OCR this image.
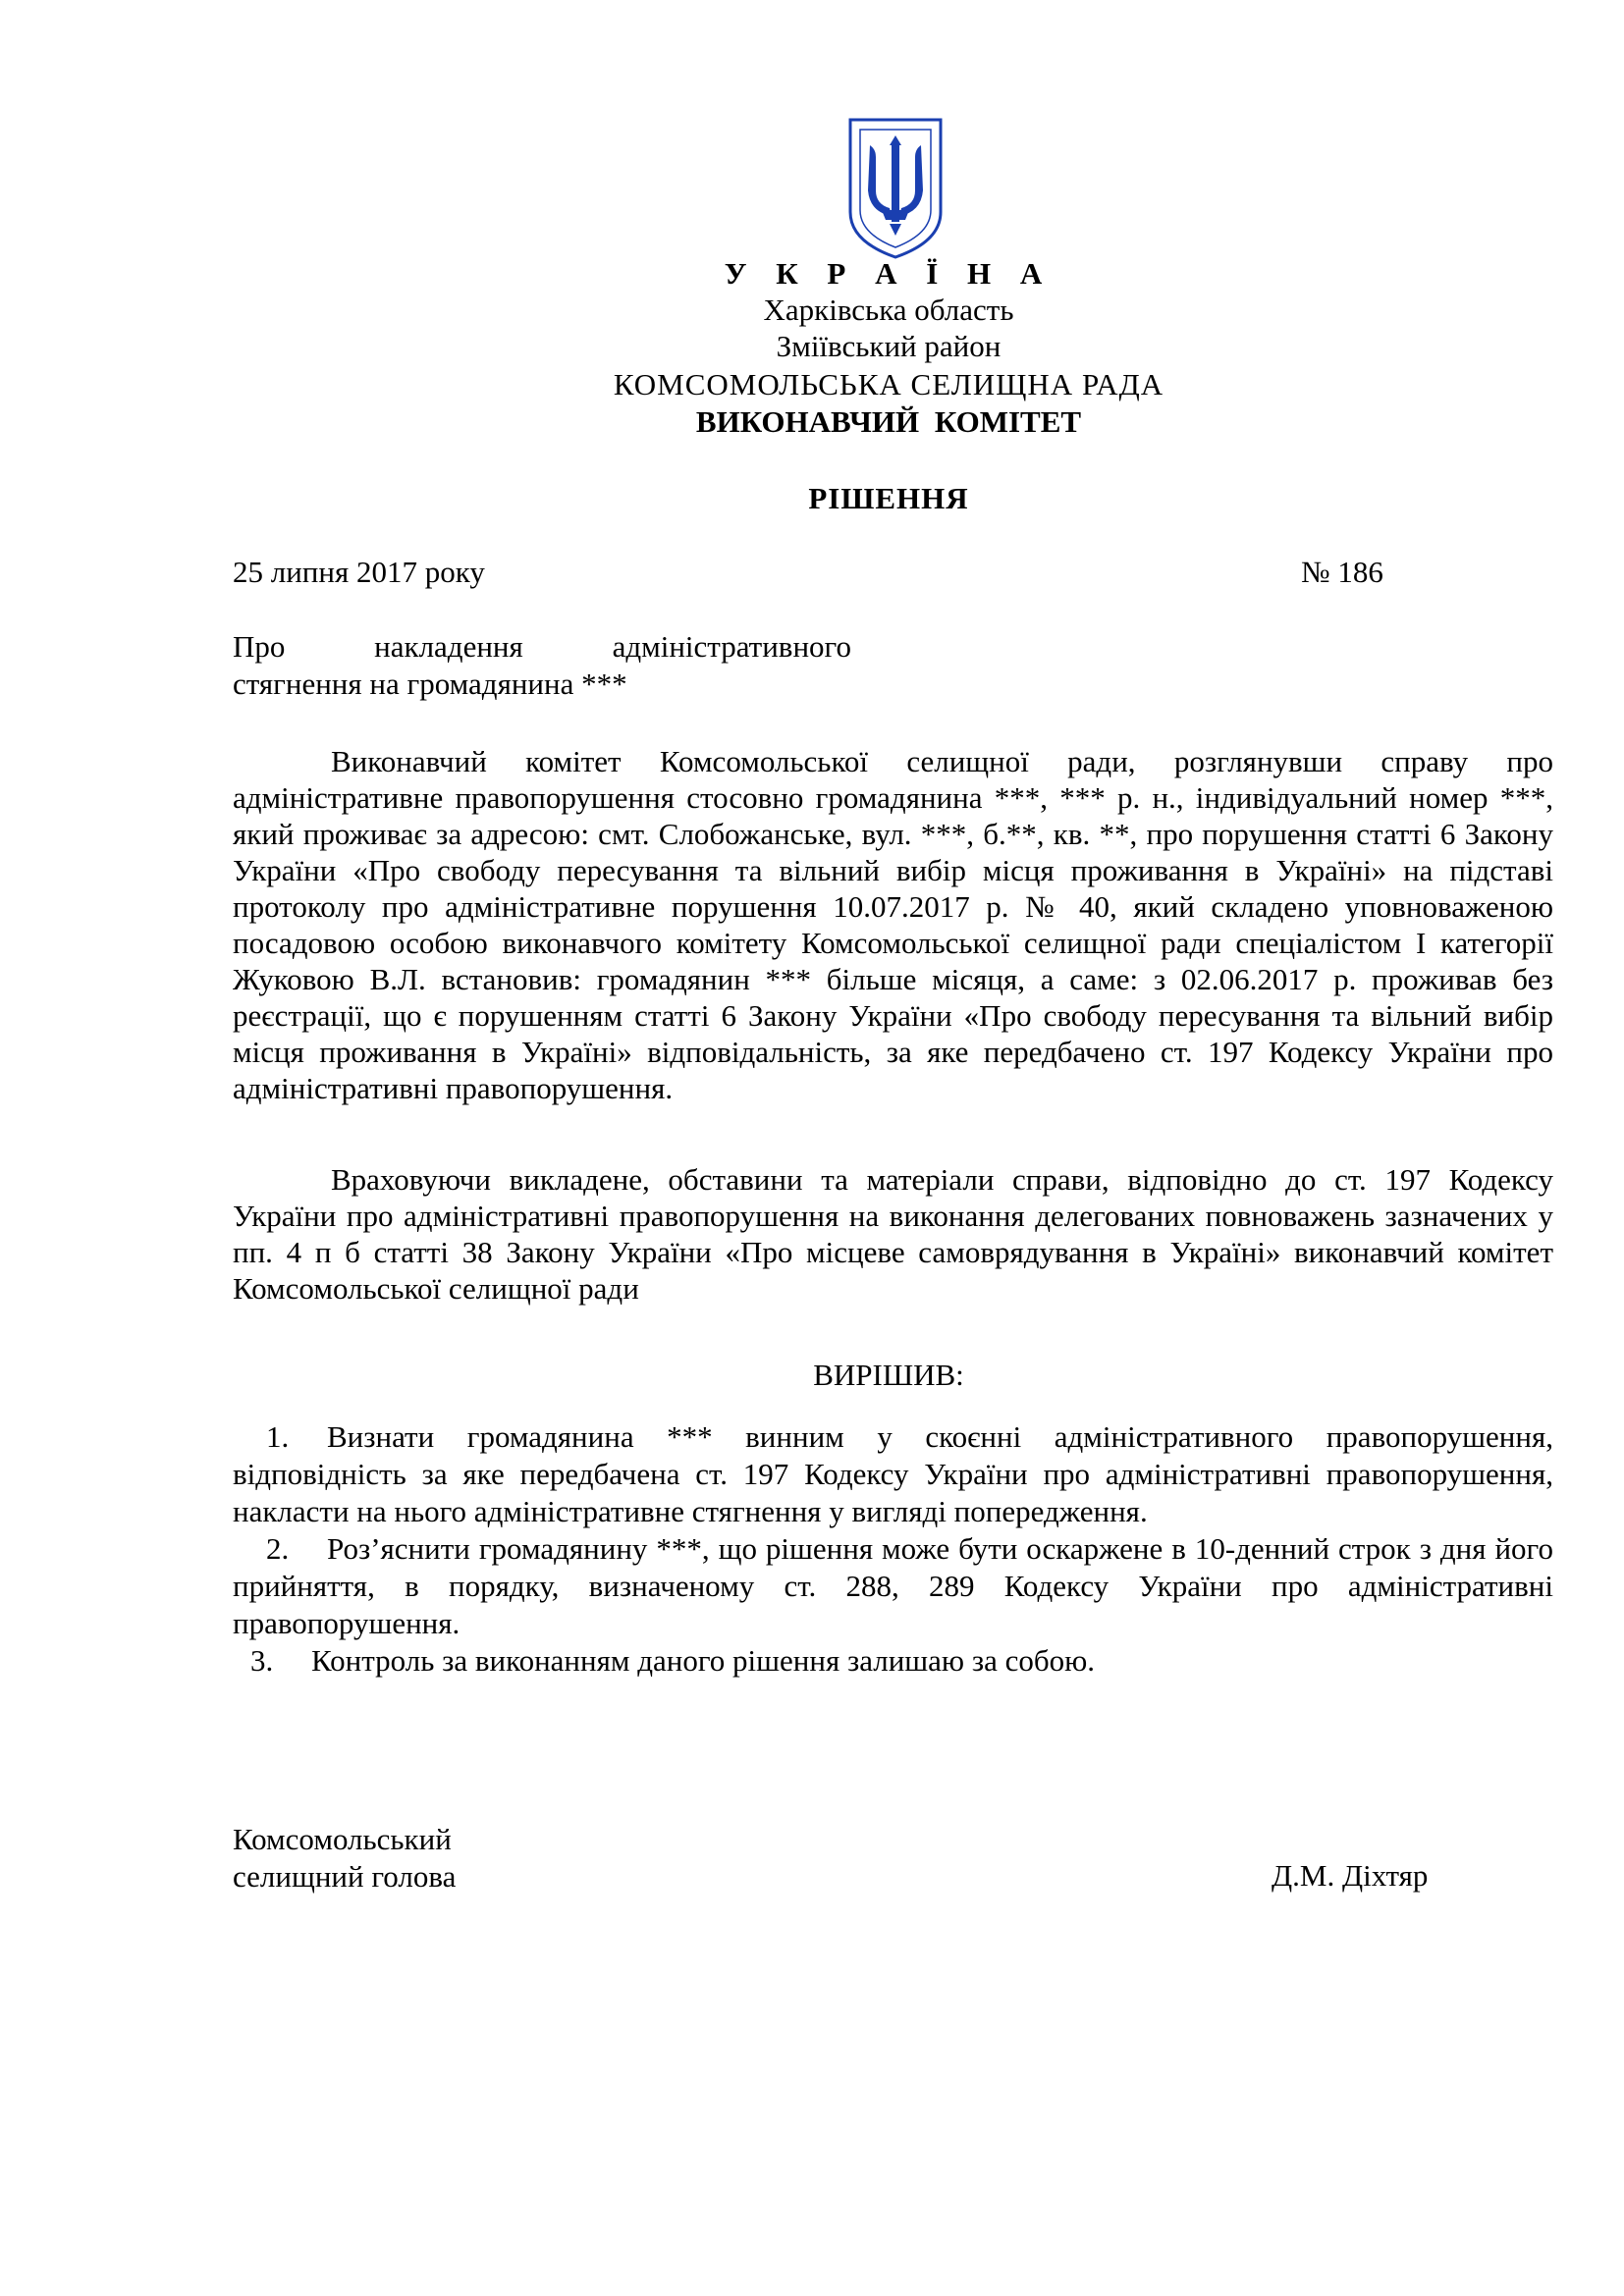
У К Р А Ї Н А
Харківська область
Зміївський район
КОМСОМОЛЬСЬКА СЕЛИЩНА РАДА
ВИКОНАВЧИЙ КОМІТЕТ
РІШЕННЯ
25 липня 2017 року	№ 186
Про	накладення	адміністративного
стягнення на громадянина ***

Виконавчий комітет Комсомольської селищної ради, розглянувши справу про адміністративне правопорушення стосовно громадянина ***, *** р. н., індивідуальний номер ***, який проживає за адресою: смт. Слобожанське, вул. ***, б.**, кв. **, про порушення статті 6 Закону України «Про свободу пересування та вільний вибір місця проживання в Україні» на підставі протоколу про адміністративне порушення 10.07.2017 р. № 40, який складено уповноваженою посадовою особою виконавчого комітету Комсомольської селищної ради спеціалістом I категорії Жуковою В.Л. встановив: громадянин *** більше місяця, а саме: з 02.06.2017 р. проживав без реєстрації, що є порушенням статті 6 Закону України «Про свободу пересування та вільний вибір місця проживання в Україні» відповідальність, за яке передбачено ст. 197 Кодексу України про адміністративні правопорушення.

Враховуючи викладене, обставини та матеріали справи, відповідно до ст. 197 Кодексу України про адміністративні правопорушення на виконання делегованих повноважень зазначених у пп. 4 п б статті 38 Закону України «Про місцеве самоврядування в Україні» виконавчий комітет Комсомольської селищної ради

ВИРІШИВ:

1. Визнати громадянина *** винним у скоєнні адміністративного правопорушення, відповідність за яке передбачена ст. 197 Кодексу України про адміністративні правопорушення, накласти на нього адміністративне стягнення у вигляді попередження.

2. Роз’яснити громадянину ***, що рішення може бути оскаржене в 10-денний строк з дня його прийняття, в порядку, визначеному ст. 288, 289 Кодексу України про адміністративні правопорушення.

3. Контроль за виконанням даного рішення залишаю за собою.

Комсомольський
селищний голова	Д.М. Діхтяр
